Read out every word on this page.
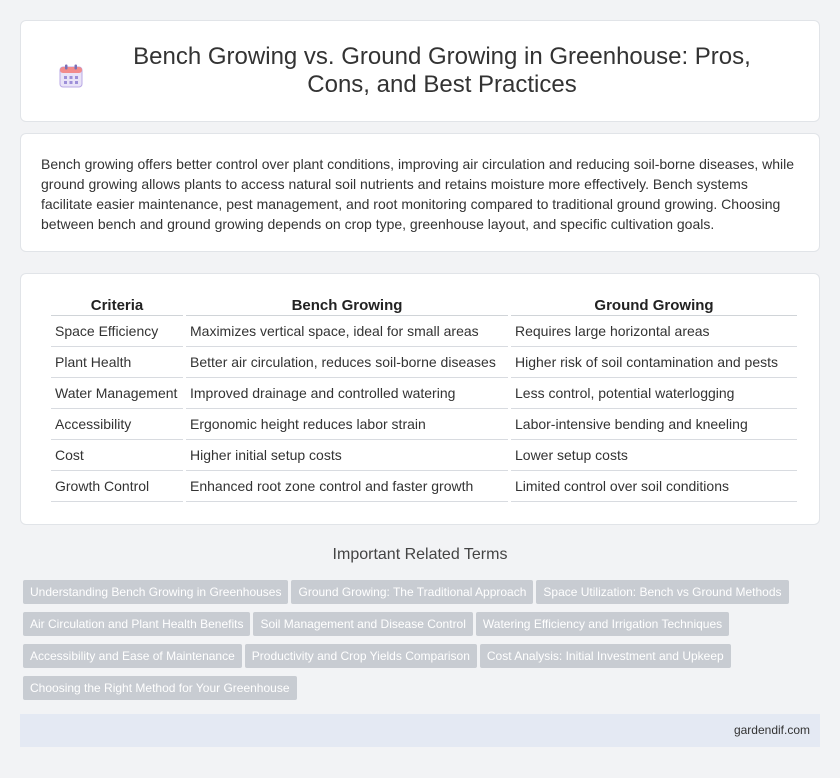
Bench Growing vs. Ground Growing in Greenhouse: Pros, Cons, and Best Practices

Bench growing offers better control over plant conditions, improving air circulation and reducing soil-borne diseases, while ground growing allows plants to access natural soil nutrients and retains moisture more effectively. Bench systems facilitate easier maintenance, pest management, and root monitoring compared to traditional ground growing. Choosing between bench and ground growing depends on crop type, greenhouse layout, and specific cultivation goals.

Criteria	Bench Growing	Ground Growing
Space Efficiency	Maximizes vertical space, ideal for small areas	Requires large horizontal areas
Plant Health	Better air circulation, reduces soil-borne diseases	Higher risk of soil contamination and pests
Water Management	Improved drainage and controlled watering	Less control, potential waterlogging
Accessibility	Ergonomic height reduces labor strain	Labor-intensive bending and kneeling
Cost	Higher initial setup costs	Lower setup costs
Growth Control	Enhanced root zone control and faster growth	Limited control over soil conditions
Important Related Terms
Understanding Bench Growing in Greenhouses Ground Growing: The Traditional Approach Space Utilization: Bench vs Ground Methods
Air Circulation and Plant Health Benefits Soil Management and Disease Control Watering Efficiency and Irrigation Techniques
Accessibility and Ease of Maintenance Productivity and Crop Yields Comparison Cost Analysis: Initial Investment and Upkeep
Choosing the Right Method for Your Greenhouse
gardendif.com
